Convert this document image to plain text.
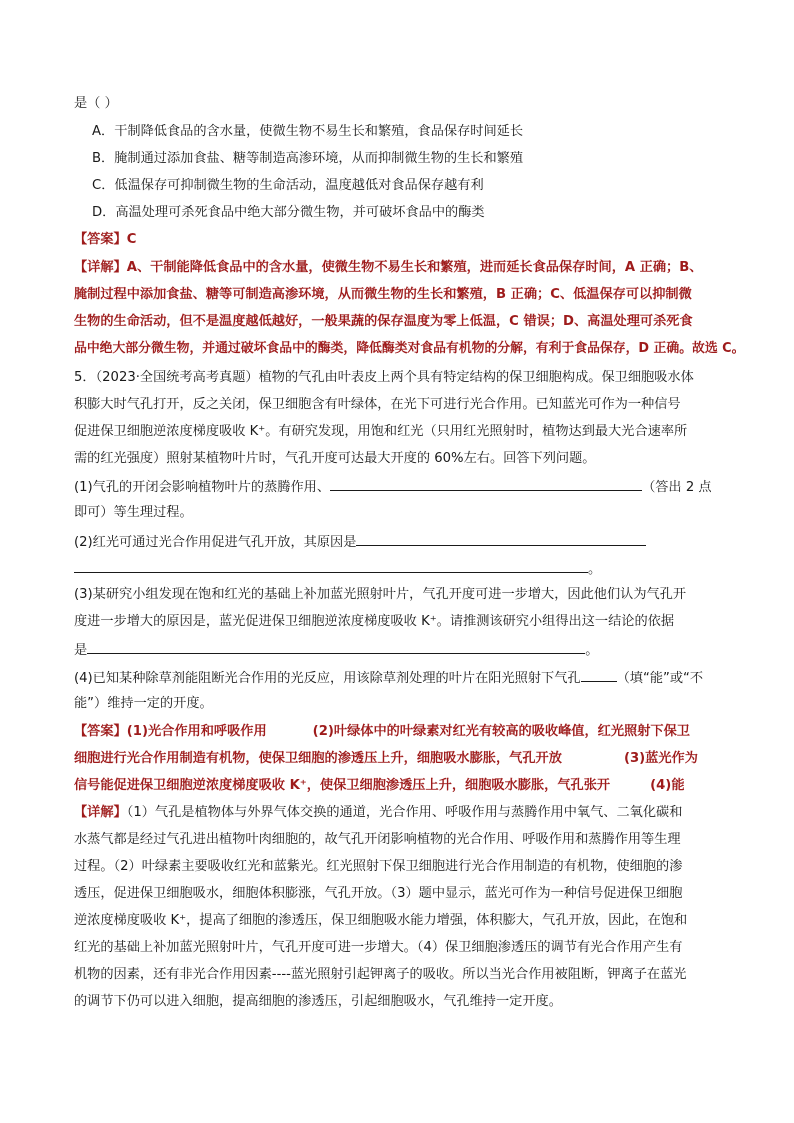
是（ ）
A．干制降低食品的含水量，使微生物不易生长和繁殖，食品保存时间延长
B．腌制通过添加食盐、糖等制造高渗环境，从而抑制微生物的生长和繁殖
C．低温保存可抑制微生物的生命活动，温度越低对食品保存越有利
D．高温处理可杀死食品中绝大部分微生物，并可破坏食品中的酶类
【答案】C
【详解】A、干制能降低食品中的含水量，使微生物不易生长和繁殖，进而延长食品保存时间，A 正确；B、
腌制过程中添加食盐、糖等可制造高渗环境，从而微生物的生长和繁殖，B 正确；C、低温保存可以抑制微
生物的生命活动，但不是温度越低越好，一般果蔬的保存温度为零上低温，C 错误；D、高温处理可杀死食
品中绝大部分微生物，并通过破坏食品中的酶类，降低酶类对食品有机物的分解，有利于食品保存，D 正确。故选 C。
5．（2023·全国统考高考真题）植物的气孔由叶表皮上两个具有特定结构的保卫细胞构成。保卫细胞吸水体
积膨大时气孔打开，反之关闭，保卫细胞含有叶绿体，在光下可进行光合作用。已知蓝光可作为一种信号
促进保卫细胞逆浓度梯度吸收 K⁺。有研究发现，用饱和红光（只用红光照射时，植物达到最大光合速率所
需的红光强度）照射某植物叶片时，气孔开度可达最大开度的 60%左右。回答下列问题。
(1)气孔的开闭会影响植物叶片的蒸腾作用、	（答出 2 点
即可）等生理过程。
(2)红光可通过光合作用促进气孔开放，其原因是
。
(3)某研究小组发现在饱和红光的基础上补加蓝光照射叶片，气孔开度可进一步增大，因此他们认为气孔开
度进一步增大的原因是，蓝光促进保卫细胞逆浓度梯度吸收 K⁺。请推测该研究小组得出这一结论的依据
是	。
(4)已知某种除草剂能阻断光合作用的光反应，用该除草剂处理的叶片在阳光照射下气孔	（填“能”或“不
能”）维持一定的开度。
【答案】(1)光合作用和呼吸作用	(2)叶绿体中的叶绿素对红光有较高的吸收峰值，红光照射下保卫
细胞进行光合作用制造有机物，使保卫细胞的渗透压上升，细胞吸水膨胀，气孔开放	(3)蓝光作为
信号能促进保卫细胞逆浓度梯度吸收 K⁺，使保卫细胞渗透压上升，细胞吸水膨胀，气孔张开	(4)能
【详解】（1）气孔是植物体与外界气体交换的通道，光合作用、呼吸作用与蒸腾作用中氧气、二氧化碳和
水蒸气都是经过气孔进出植物叶肉细胞的，故气孔开闭影响植物的光合作用、呼吸作用和蒸腾作用等生理
过程。（2）叶绿素主要吸收红光和蓝紫光。红光照射下保卫细胞进行光合作用制造的有机物，使细胞的渗
透压，促进保卫细胞吸水，细胞体积膨涨，气孔开放。（3）题中显示，蓝光可作为一种信号促进保卫细胞
逆浓度梯度吸收 K⁺，提高了细胞的渗透压，保卫细胞吸水能力增强，体积膨大，气孔开放，因此，在饱和
红光的基础上补加蓝光照射叶片，气孔开度可进一步增大。（4）保卫细胞渗透压的调节有光合作用产生有
机物的因素，还有非光合作用因素----蓝光照射引起钾离子的吸收。所以当光合作用被阻断，钾离子在蓝光
的调节下仍可以进入细胞，提高细胞的渗透压，引起细胞吸水，气孔维持一定开度。
